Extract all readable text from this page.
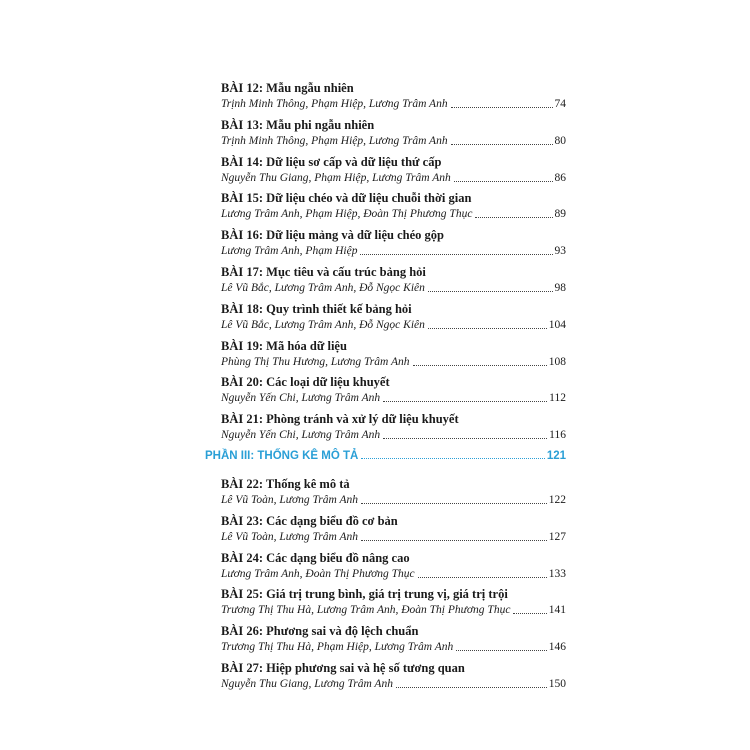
BÀI 12: Mẫu ngẫu nhiên
Trịnh Minh Thông, Phạm Hiệp, Lương Trâm Anh	74
BÀI 13: Mẫu phi ngẫu nhiên
Trịnh Minh Thông, Phạm Hiệp, Lương Trâm Anh	80
BÀI 14: Dữ liệu sơ cấp và dữ liệu thứ cấp
Nguyễn Thu Giang, Phạm Hiệp, Lương Trâm Anh	86
BÀI 15: Dữ liệu chéo và dữ liệu chuỗi thời gian
Lương Trâm Anh, Phạm Hiệp, Đoàn Thị Phương Thục	89
BÀI 16: Dữ liệu mảng và dữ liệu chéo gộp
Lương Trâm Anh, Phạm Hiệp	93
BÀI 17: Mục tiêu và cấu trúc bảng hỏi
Lê Vũ Bắc, Lương Trâm Anh, Đỗ Ngọc Kiên	98
BÀI 18: Quy trình thiết kế bảng hỏi
Lê Vũ Bắc, Lương Trâm Anh, Đỗ Ngọc Kiên	104
BÀI 19: Mã hóa dữ liệu
Phùng Thị Thu Hương, Lương Trâm Anh	108
BÀI 20: Các loại dữ liệu khuyết
Nguyễn Yến Chi, Lương Trâm Anh	112
BÀI 21: Phòng tránh và xử lý dữ liệu khuyết
Nguyễn Yến Chi, Lương Trâm Anh	116
PHẦN III: THỐNG KÊ MÔ TẢ	121
BÀI 22: Thống kê mô tả
Lê Vũ Toàn, Lương Trâm Anh	122
BÀI 23: Các dạng biểu đồ cơ bản
Lê Vũ Toàn, Lương Trâm Anh	127
BÀI 24: Các dạng biểu đồ nâng cao
Lương Trâm Anh, Đoàn Thị Phương Thục	133
BÀI 25: Giá trị trung bình, giá trị trung vị, giá trị trội
Trương Thị Thu Hà, Lương Trâm Anh, Đoàn Thị Phương Thục	141
BÀI 26: Phương sai và độ lệch chuẩn
Trương Thị Thu Hà, Phạm Hiệp, Lương Trâm Anh	146
BÀI 27: Hiệp phương sai và hệ số tương quan
Nguyễn Thu Giang, Lương Trâm Anh	150
